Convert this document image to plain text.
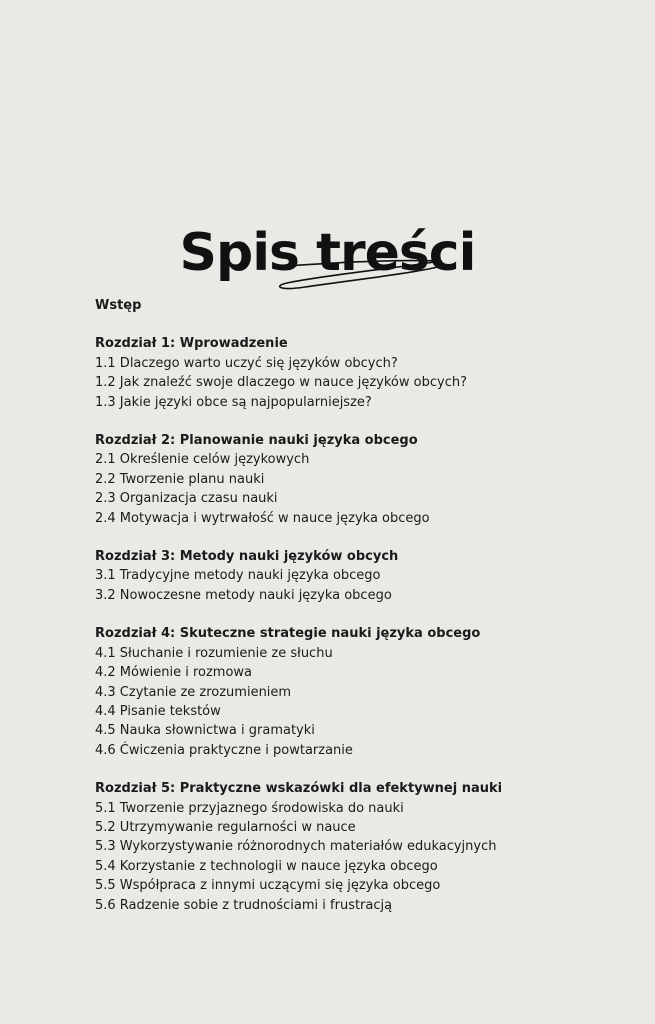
Spis treści
Wstęp
Rozdział 1: Wprowadzenie
1.1 Dlaczego warto uczyć się języków obcych?
1.2 Jak znaleźć swoje dlaczego w nauce języków obcych?
1.3 Jakie języki obce są najpopularniejsze?
Rozdział 2: Planowanie nauki języka obcego
2.1 Określenie celów językowych
2.2 Tworzenie planu nauki
2.3 Organizacja czasu nauki
2.4 Motywacja i wytrwałość w nauce języka obcego
Rozdział 3: Metody nauki języków obcych
3.1 Tradycyjne metody nauki języka obcego
3.2 Nowoczesne metody nauki języka obcego
Rozdział 4: Skuteczne strategie nauki języka obcego
4.1 Słuchanie i rozumienie ze słuchu
4.2 Mówienie i rozmowa
4.3 Czytanie ze zrozumieniem
4.4 Pisanie tekstów
4.5 Nauka słownictwa i gramatyki
4.6 Ćwiczenia praktyczne i powtarzanie
Rozdział 5: Praktyczne wskazówki dla efektywnej nauki
5.1 Tworzenie przyjaznego środowiska do nauki
5.2 Utrzymywanie regularności w nauce
5.3 Wykorzystywanie różnorodnych materiałów edukacyjnych
5.4 Korzystanie z technologii w nauce języka obcego
5.5 Współpraca z innymi uczącymi się języka obcego
5.6 Radzenie sobie z trudnościami i frustracją
